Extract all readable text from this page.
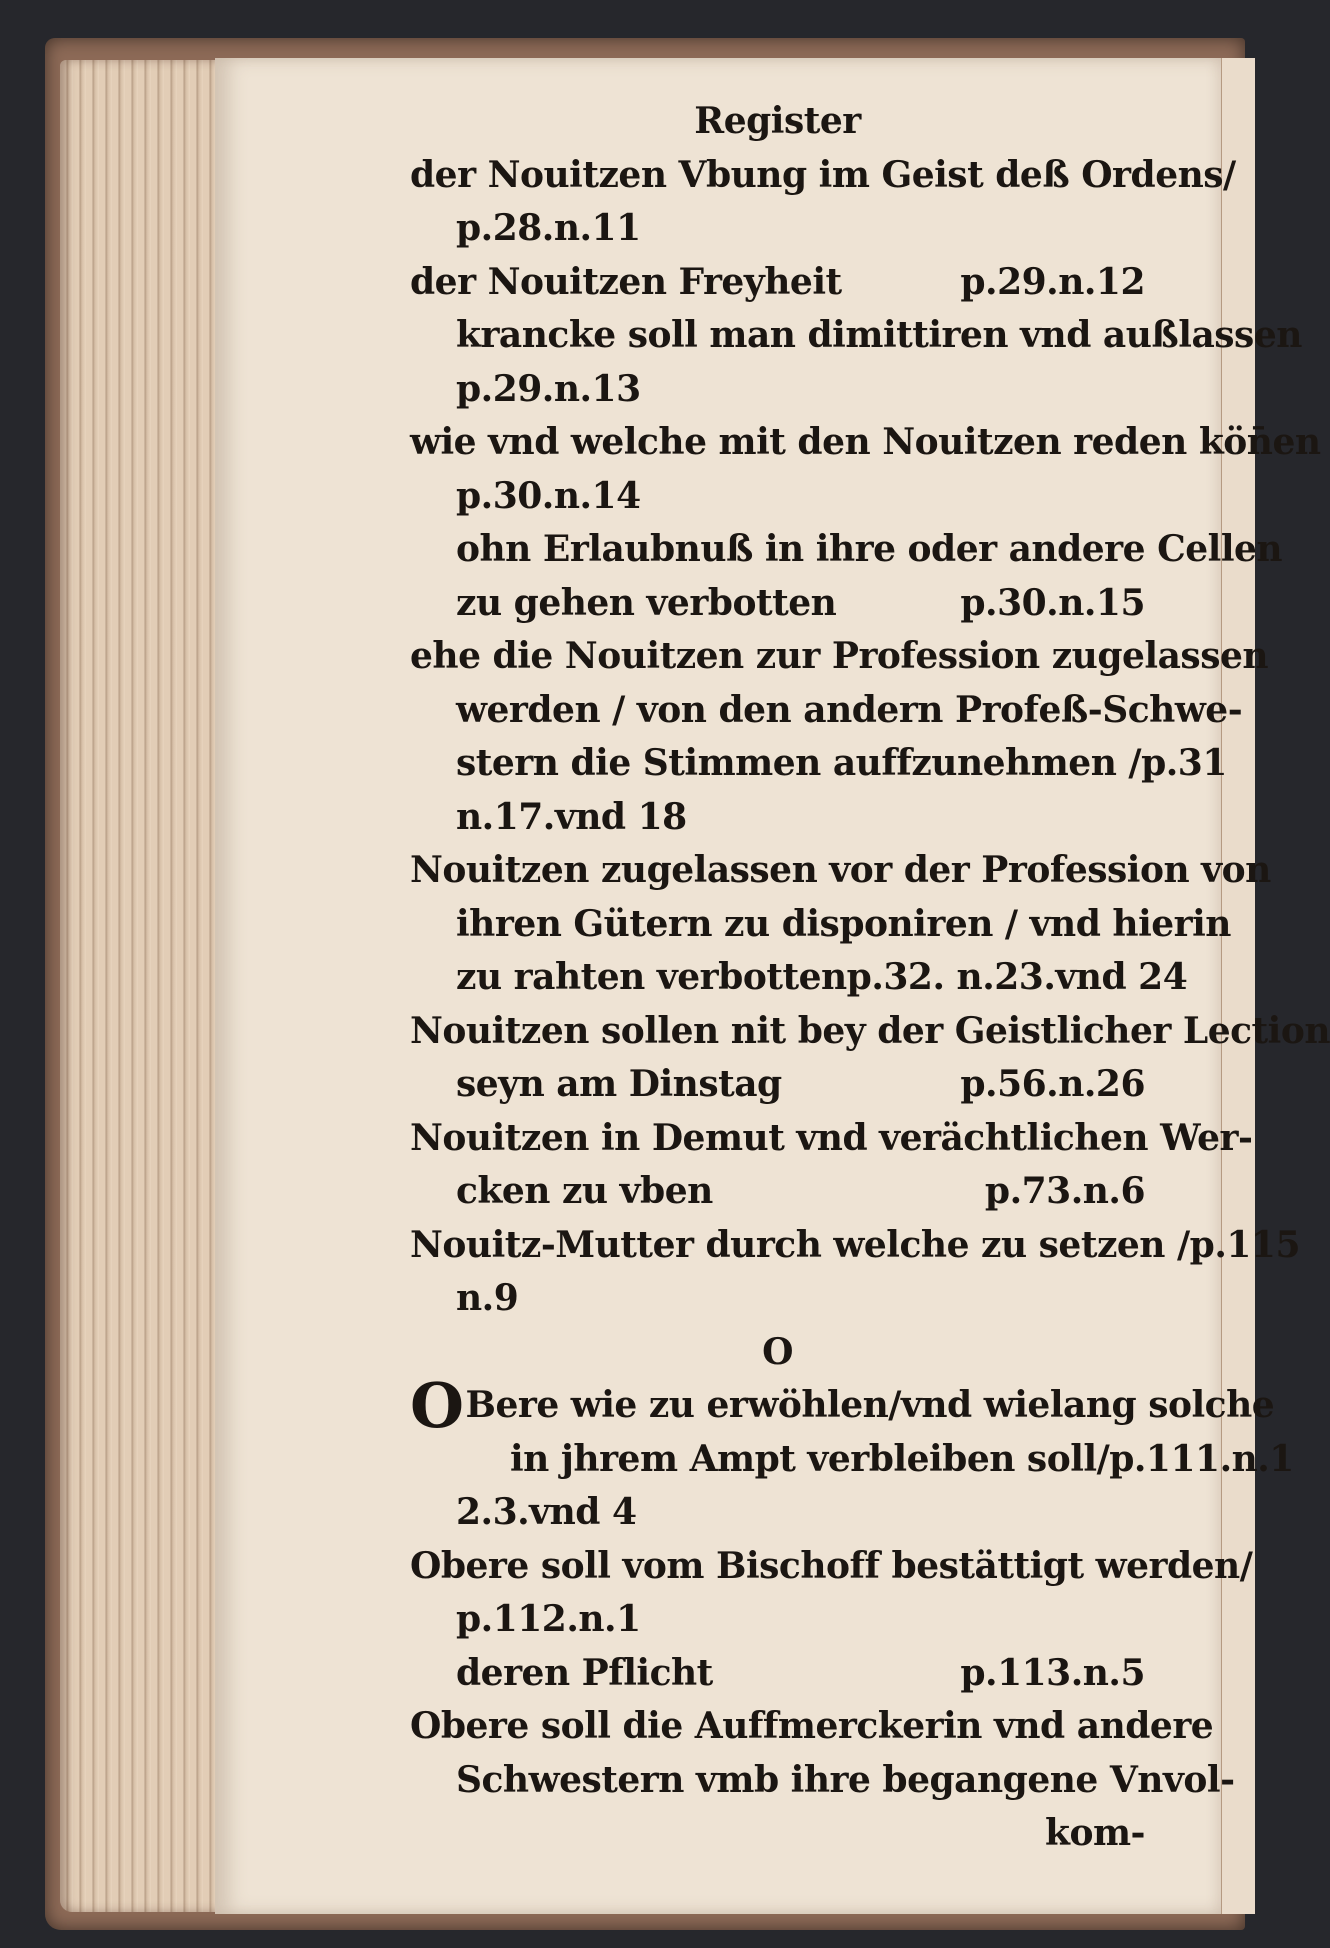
Register
der Nouitzen Vbung im Geist deß Ordens/
p.28.n.11
der Nouitzen Freyheit	p.29.n.12
krancke soll man dimittiren vnd außlassen
p.29.n.13
wie vnd welche mit den Nouitzen reden kön̄en
p.30.n.14
ohn Erlaubnuß in ihre oder andere Cellen
zu gehen verbotten	p.30.n.15
ehe die Nouitzen zur Profession zugelassen
werden / von den andern Profeß-Schwe-
stern die Stimmen auffzunehmen / p.31
n.17.vnd 18
Nouitzen zugelassen vor der Profession von
ihren Gütern zu disponiren / vnd hierin
zu rahten verbotten p.32. n.23.vnd 24
Nouitzen sollen nit bey der Geistlicher Lection
seyn am Dinstag	p.56.n.26
Nouitzen in Demut vnd verächtlichen Wer-
cken zu vben	p.73.n.6
Nouitz-Mutter durch welche zu setzen / p.115
n.9
O
OBere wie zu erwöhlen/vnd wielang solche
in jhrem Ampt verbleiben soll/ p.111.n.1
2.3.vnd 4
Obere soll vom Bischoff bestättigt werden/
p.112.n.1
deren Pflicht	p.113.n.5
Obere soll die Auffmerckerin vnd andere
Schwestern vmb ihre begangene Vnvol-
kom-
